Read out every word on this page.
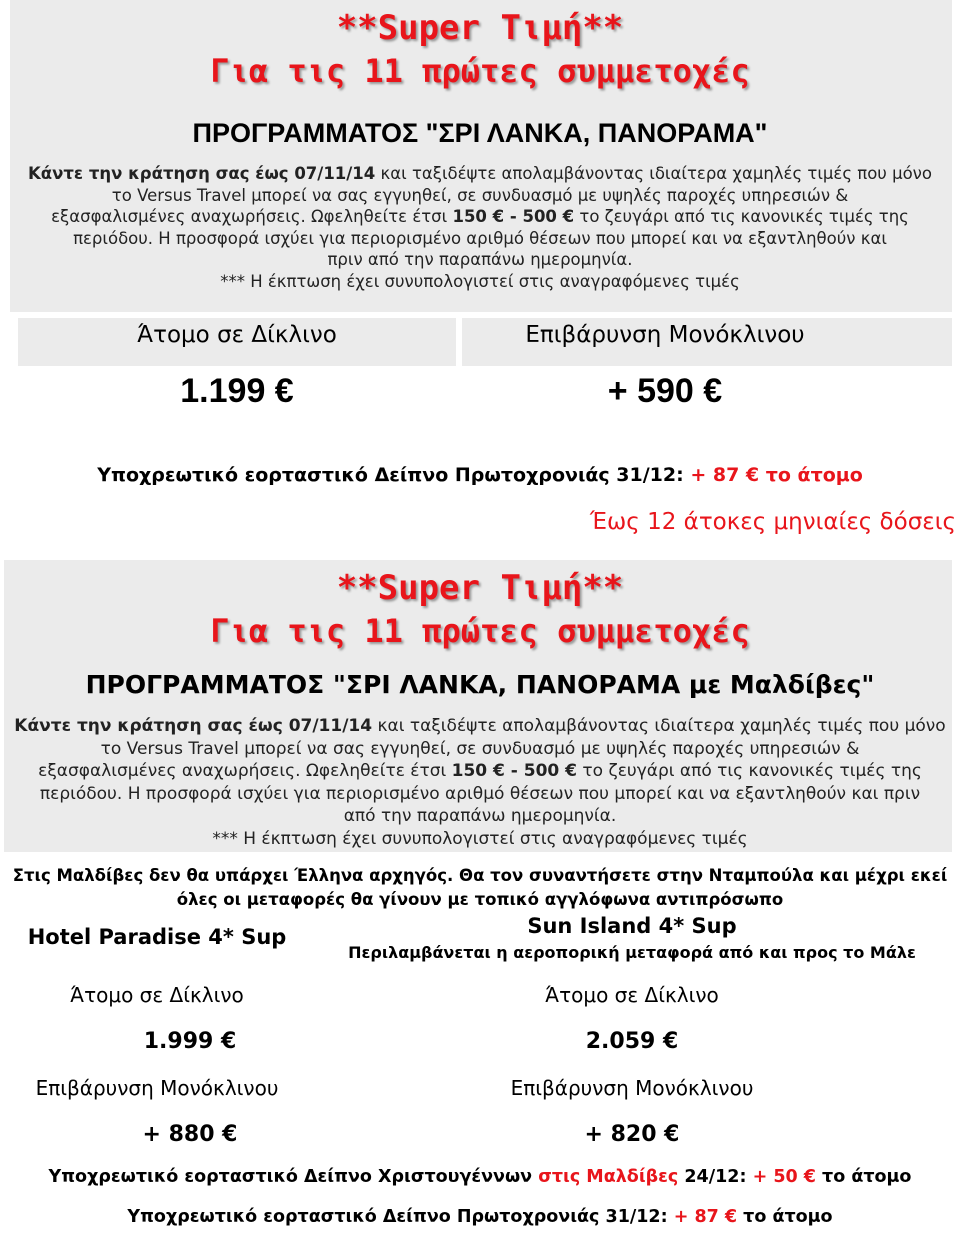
**Super Τιμή**
Για τις 11 πρώτες συμμετοχές
ΠΡΟΓΡΑΜΜΑΤΟΣ "ΣΡΙ ΛΑΝΚΑ, ΠΑΝΟΡΑΜΑ"
Κάντε την κράτηση σας έως 07/11/14 και ταξιδέψτε απολαμβάνοντας ιδιαίτερα χαμηλές τιμές που μόνο
το Versus Travel μπορεί να σας εγγυηθεί, σε συνδυασμό με υψηλές παροχές υπηρεσιών &
εξασφαλισμένες αναχωρήσεις. Ωφεληθείτε έτσι 150 € - 500 € το ζευγάρι από τις κανονικές τιμές της
περιόδου. Η προσφορά ισχύει για περιορισμένο αριθμό θέσεων που μπορεί και να εξαντληθούν και
πριν από την παραπάνω ημερομηνία.
*** Η έκπτωση έχει συνυπολογιστεί στις αναγραφόμενες τιμές
Άτομο σε Δίκλινο	Επιβάρυνση Μονόκλινου
1.199 €	+ 590 €
Υποχρεωτικό εορταστικό Δείπνο Πρωτοχρονιάς 31/12: + 87 € το άτομο
Έως 12 άτοκες μηνιαίες δόσεις
**Super Τιμή**
Για τις 11 πρώτες συμμετοχές
ΠΡΟΓΡΑΜΜΑΤΟΣ "ΣΡΙ ΛΑΝΚΑ, ΠΑΝΟΡΑΜΑ με Μαλδίβες"
Κάντε την κράτηση σας έως 07/11/14 και ταξιδέψτε απολαμβάνοντας ιδιαίτερα χαμηλές τιμές που μόνο
το Versus Travel μπορεί να σας εγγυηθεί, σε συνδυασμό με υψηλές παροχές υπηρεσιών &
εξασφαλισμένες αναχωρήσεις. Ωφεληθείτε έτσι 150 € - 500 € το ζευγάρι από τις κανονικές τιμές της
περιόδου. Η προσφορά ισχύει για περιορισμένο αριθμό θέσεων που μπορεί και να εξαντληθούν και πριν
από την παραπάνω ημερομηνία.
*** Η έκπτωση έχει συνυπολογιστεί στις αναγραφόμενες τιμές
Στις Μαλδίβες δεν θα υπάρχει Έλληνα αρχηγός. Θα τον συναντήσετε στην Νταμπούλα και μέχρι εκεί
όλες οι μεταφορές θα γίνουν με τοπικό αγγλόφωνα αντιπρόσωπο
Hotel Paradise 4* Sup
Άτομο σε Δίκλινο
1.999 €
Επιβάρυνση Μονόκλινου
+ 880 €
Sun Island 4* Sup
Περιλαμβάνεται η αεροπορική μεταφορά από και προς το Μάλε
Άτομο σε Δίκλινο
2.059 €
Επιβάρυνση Μονόκλινου
+ 820 €
Υποχρεωτικό εορταστικό Δείπνο Χριστουγέννων στις Μαλδίβες 24/12: + 50 € το άτομο
Υποχρεωτικό εορταστικό Δείπνο Πρωτοχρονιάς 31/12: + 87 € το άτομο
